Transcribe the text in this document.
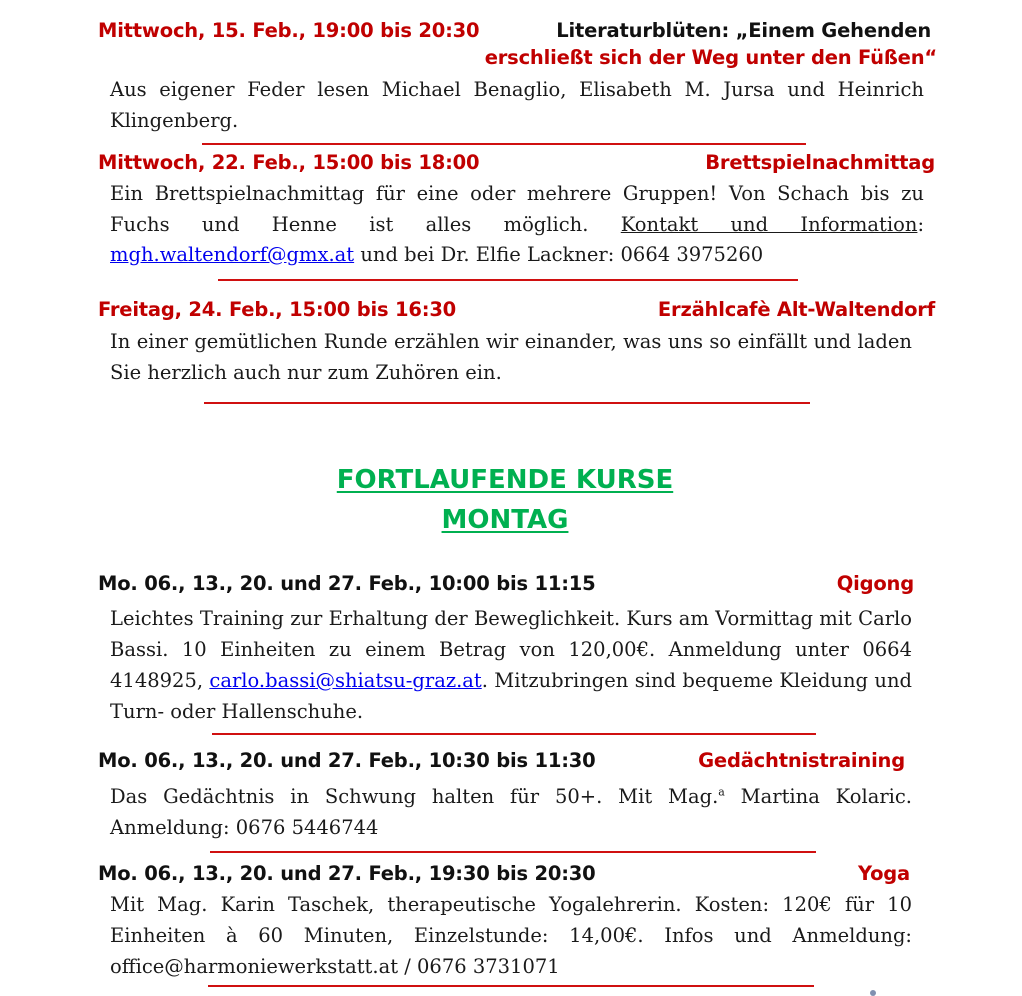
Mittwoch, 15. Feb., 19:00 bis 20:30	Literaturblüten: „Einem Gehenden
erschließt sich der Weg unter den Füßen“
Aus eigener Feder lesen Michael Benaglio, Elisabeth M. Jursa und Heinrich Klingenberg.
Mittwoch, 22. Feb., 15:00 bis 18:00	Brettspielnachmittag
Ein Brettspielnachmittag für eine oder mehrere Gruppen! Von Schach bis zu
Fuchs und Henne ist alles möglich. Kontakt und Information:
mgh.waltendorf@gmx.at und bei Dr. Elfie Lackner: 0664 3975260
Freitag, 24. Feb., 15:00 bis 16:30	Erzählcafè Alt-Waltendorf
In einer gemütlichen Runde erzählen wir einander, was uns so einfällt und laden Sie herzlich auch nur zum Zuhören ein.
FORTLAUFENDE KURSE
MONTAG
Mo. 06., 13., 20. und 27. Feb., 10:00 bis 11:15	Qigong
Leichtes Training zur Erhaltung der Beweglichkeit. Kurs am Vormittag mit Carlo Bassi. 10 Einheiten zu einem Betrag von 120,00€. Anmeldung unter 0664 4148925, carlo.bassi@shiatsu-graz.at. Mitzubringen sind bequeme Kleidung und Turn- oder Hallenschuhe.
Mo. 06., 13., 20. und 27. Feb., 10:30 bis 11:30	Gedächtnistraining
Das Gedächtnis in Schwung halten für 50+. Mit Mag.$^a$ Martina Kolaric. Anmeldung: 0676 5446744
Mo. 06., 13., 20. und 27. Feb., 19:30 bis 20:30	Yoga
Mit Mag. Karin Taschek, therapeutische Yogalehrerin. Kosten: 120€ für 10
Einheiten à 60 Minuten, Einzelstunde: 14,00€. Infos und Anmeldung:
office@harmoniewerkstatt.at / 0676 3731071
